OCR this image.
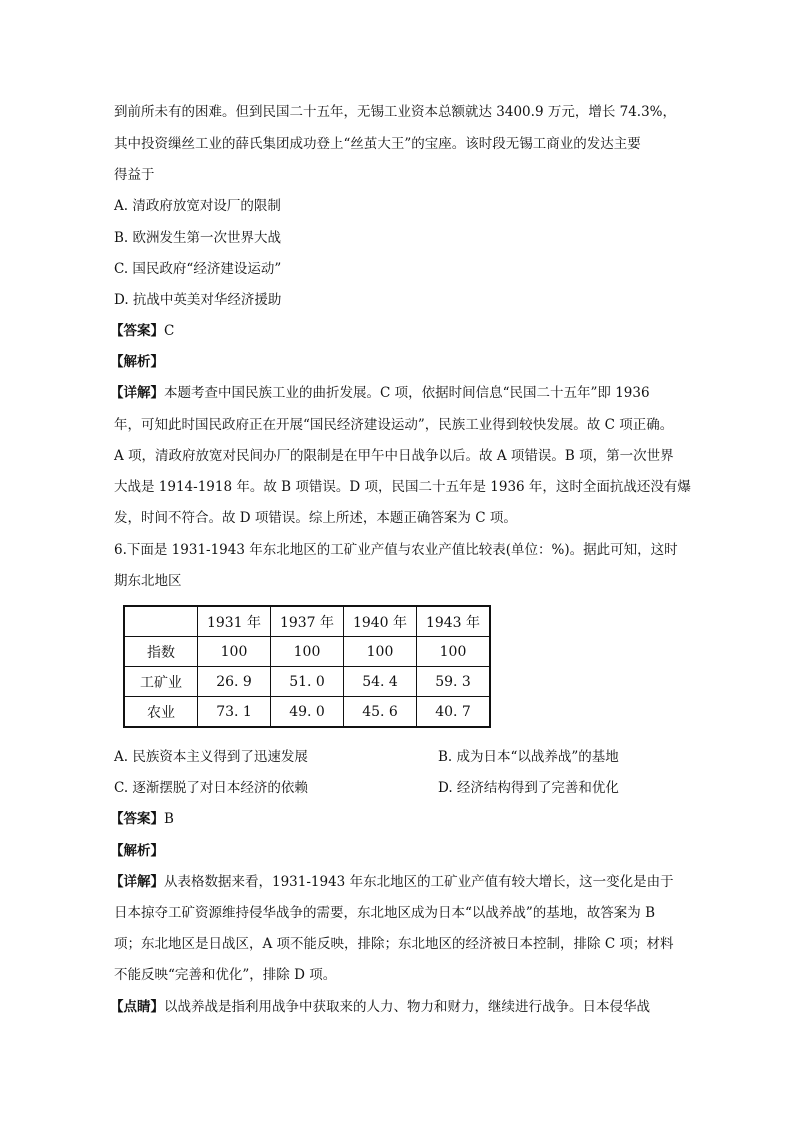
到前所未有的困难。但到民国二十五年，无锡工业资本总额就达 3400.9 万元，增长 74.3%，
其中投资缫丝工业的薛氏集团成功登上“丝茧大王”的宝座。该时段无锡工商业的发达主要
得益于
A. 清政府放宽对设厂的限制
B. 欧洲发生第一次世界大战
C. 国民政府“经济建设运动”
D. 抗战中英美对华经济援助
【答案】C
【解析】
【详解】本题考查中国民族工业的曲折发展。C 项，依据时间信息“民国二十五年”即 1936
年，可知此时国民政府正在开展“国民经济建设运动”，民族工业得到较快发展。故 C 项正确。
A 项，清政府放宽对民间办厂的限制是在甲午中日战争以后。故 A 项错误。B 项，第一次世界
大战是 1914-1918 年。故 B 项错误。D 项，民国二十五年是 1936 年，这时全面抗战还没有爆
发，时间不符合。故 D 项错误。综上所述，本题正确答案为 C 项。
6.下面是 1931-1943 年东北地区的工矿业产值与农业产值比较表(单位：%)。据此可知，这时
期东北地区
	1931 年	1937 年	1940 年	1943 年
指数	100	100	100	100
工矿业	26. 9	51. 0	54. 4	59. 3
农业	73. 1	49. 0	45. 6	40. 7
A. 民族资本主义得到了迅速发展	B. 成为日本“以战养战”的基地
C. 逐渐摆脱了对日本经济的依赖	D. 经济结构得到了完善和优化
【答案】B
【解析】
【详解】从表格数据来看，1931-1943 年东北地区的工矿业产值有较大增长，这一变化是由于
日本掠夺工矿资源维持侵华战争的需要，东北地区成为日本“以战养战”的基地，故答案为 B
项；东北地区是日战区，A 项不能反映，排除；东北地区的经济被日本控制，排除 C 项；材料
不能反映“完善和优化”，排除 D 项。
【点睛】以战养战是指利用战争中获取来的人力、物力和财力，继续进行战争。日本侵华战
